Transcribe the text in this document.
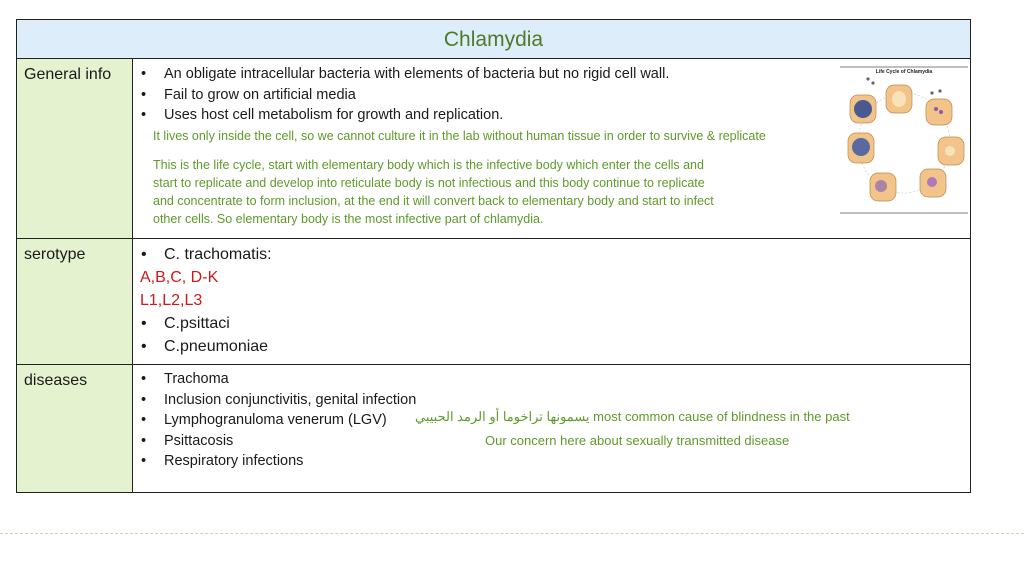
Chlamydia
General info	• An obligate intracellular bacteria with elements of bacteria but no rigid cell wall.
• Fail to grow on artificial media
• Uses host cell metabolism for growth and replication.
It lives only inside the cell, so we cannot culture it in the lab without human tissue in order to survive & replicate
This is the life cycle, start with elementary body which is the infective body which enter the cells and
start to replicate and develop into reticulate body is not infectious and this body continue to replicate
and concentrate to form inclusion, at the end it will convert back to elementary body and start to infect
other cells. So elementary body is the most infective part of chlamydia.
Life Cycle of Chlamydia
serotype	• C. trachomatis:
A,B,C, D-K
L1,L2,L3
• C.psittaci
• C.pneumoniae
diseases	• Trachoma
• Inclusion conjunctivitis, genital infection
• Lymphogranuloma venerum (LGV)
• Psittacosis
• Respiratory infections
يسمونها تراخوما أو الرمد الحبيبي most common cause of blindness in the past
Our concern here about sexually transmitted disease
